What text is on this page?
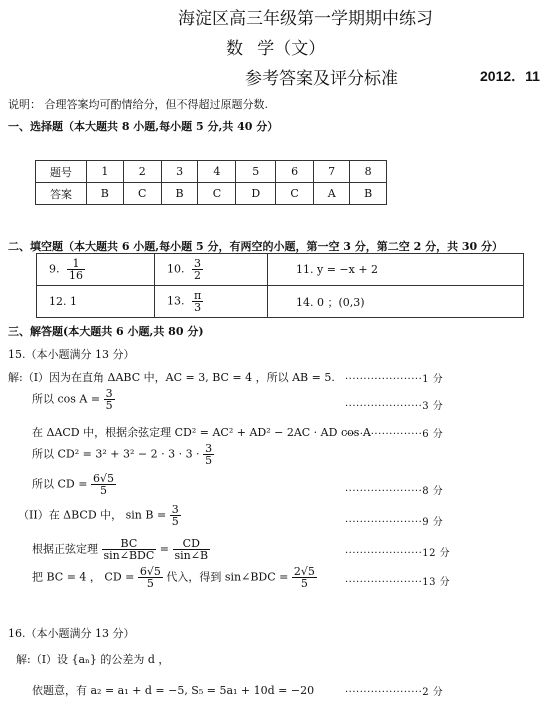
海淀区高三年级第一学期期中练习
数 学（文）
参考答案及评分标准	2012．11
说明： 合理答案均可酌情给分，但不得超过原题分数.
一、选择题（本大题共 8 小题,每小题 5 分,共 40 分）
题号	1	2	3	4	5	6	7	8
答案	B	C	B	C	D	C	A	B
二、填空题（本大题共 6 小题,每小题 5 分，有两空的小题，第一空 3 分，第二空 2 分，共 30 分）
9. $\frac{1}{16}$	10. $\frac{3}{2}$	11. y = −x + 2
12. 1	13. $\frac{\pi}{3}$	14. 0 ；(0,3)
三、解答题(本大题共 6 小题,共 80 分)
15.（本小题满分 13 分）
解:（I）因为在直角 ΔABC 中，AC = 3, BC = 4 ，所以 AB = 5. ·····················1 分
所以 $\cos A = \frac{3}{5}$	·····················3 分
在 ΔACD 中，根据余弦定理 CD² = AC² + AD² − 2AC · AD cos A
·····················6 分
所以 $CD^2 = 3^2 + 3^2 - 2 \cdot 3 \cdot 3 \cdot \frac{3}{5}$
所以 CD = $\frac{6√5}{5}$	·····················8 分
（II）在 ΔBCD 中， $\sin B = \frac{3}{5}$	·····················9 分
根据正弦定理 $\frac{BC}{\text{sin∠BDC}} = \frac{CD}{\sin\angle B}$	·····················12 分
把 BC = 4 ， CD = $\frac{6√5}{5}$ 代入，得到 sin∠BDC = $\frac{2√5}{5}$	·····················13 分
16.（本小题满分 13 分）
解:（I）设 {aₙ} 的公差为 d ，
依题意，有 a₂ = a₁ + d = −5, S₅ = 5a₁ + 10d = −20	·····················2 分
